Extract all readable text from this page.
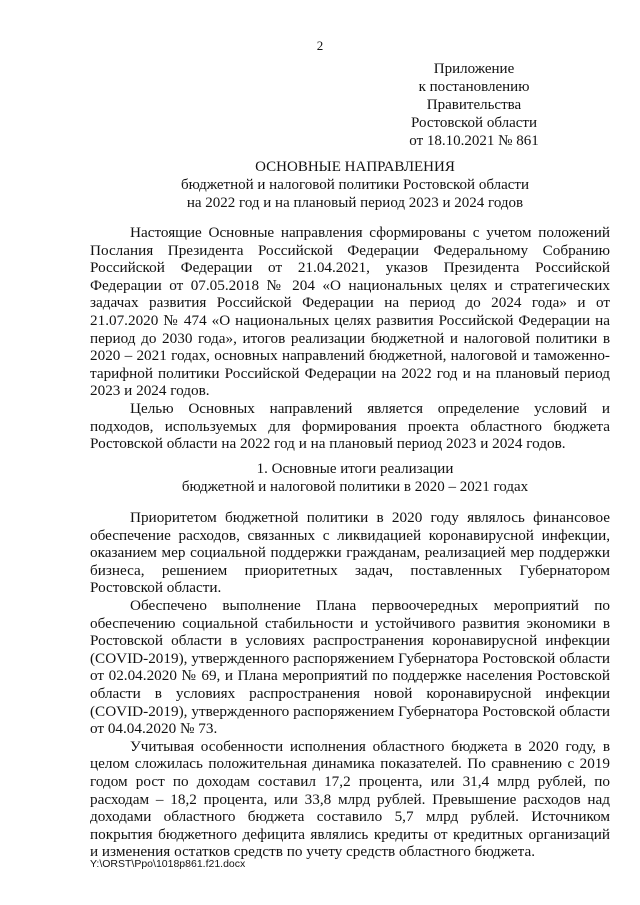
2
Приложение
к постановлению
Правительства
Ростовской области
от 18.10.2021 № 861
ОСНОВНЫЕ НАПРАВЛЕНИЯ
бюджетной и налоговой политики Ростовской области
на 2022 год и на плановый период 2023 и 2024 годов

Настоящие Основные направления сформированы с учетом положений Послания Президента Российской Федерации Федеральному Собранию Российской Федерации от 21.04.2021, указов Президента Российской Федерации от 07.05.2018 № 204 «О национальных целях и стратегических задачах развития Российской Федерации на период до 2024 года» и от 21.07.2020 № 474 «О национальных целях развития Российской Федерации на период до 2030 года», итогов реализации бюджетной и налоговой политики в 2020 – 2021 годах, основных направлений бюджетной, налоговой и таможенно-тарифной политики Российской Федерации на 2022 год и на плановый период 2023 и 2024 годов.

Целью Основных направлений является определение условий и подходов, используемых для формирования проекта областного бюджета Ростовской области на 2022 год и на плановый период 2023 и 2024 годов.

1. Основные итоги реализации
бюджетной и налоговой политики в 2020 – 2021 годах

Приоритетом бюджетной политики в 2020 году являлось финансовое обеспечение расходов, связанных с ликвидацией коронавирусной инфекции, оказанием мер социальной поддержки гражданам, реализацией мер поддержки бизнеса, решением приоритетных задач, поставленных Губернатором Ростовской области.

Обеспечено выполнение Плана первоочередных мероприятий по обеспечению социальной стабильности и устойчивого развития экономики в Ростовской области в условиях распространения коронавирусной инфекции (COVID-2019), утвержденного распоряжением Губернатора Ростовской области от 02.04.2020 № 69, и Плана мероприятий по поддержке населения Ростовской области в условиях распространения новой коронавирусной инфекции (COVID-2019), утвержденного распоряжением Губернатора Ростовской области от 04.04.2020 № 73.

Учитывая особенности исполнения областного бюджета в 2020 году, в целом сложилась положительная динамика показателей. По сравнению с 2019 годом рост по доходам составил 17,2 процента, или 31,4 млрд рублей, по расходам – 18,2 процента, или 33,8 млрд рублей. Превышение расходов над доходами областного бюджета составило 5,7 млрд рублей. Источником покрытия бюджетного дефицита являлись кредиты от кредитных организаций и изменения остатков средств по учету средств областного бюджета.

Y:\ORST\Ppo\1018p861.f21.docx
